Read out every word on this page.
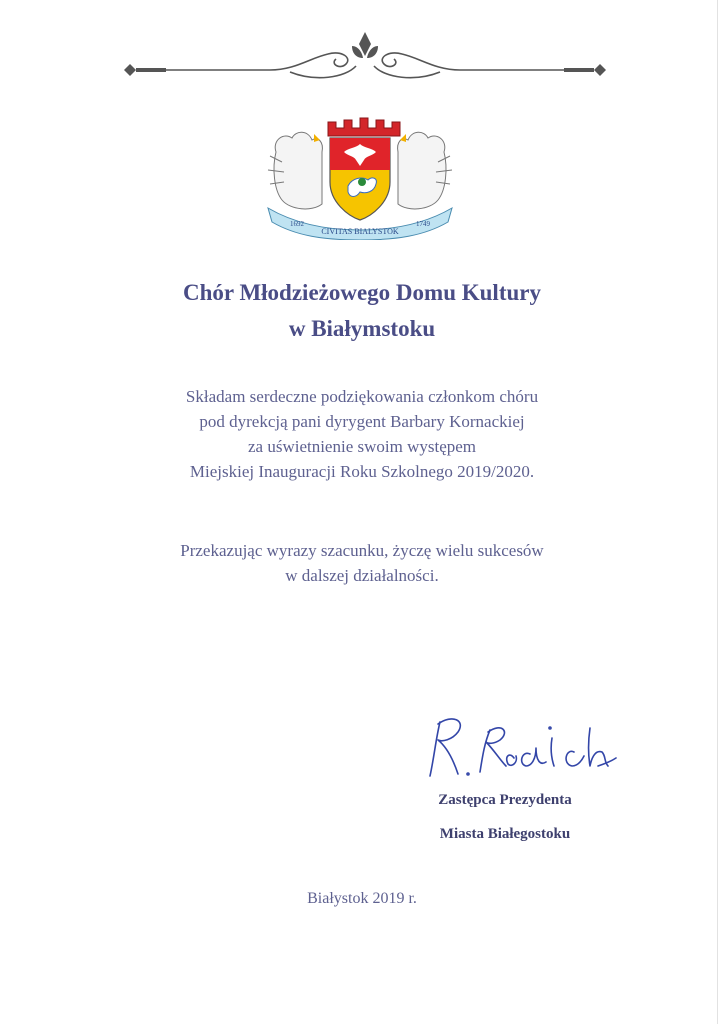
1692	1749
CIVITAS BIALYSTOK
Chór Młodzieżowego Domu Kultury
w Białymstoku
Składam serdeczne podziękowania członkom chóru
pod dyrekcją pani dyrygent Barbary Kornackiej
za uświetnienie swoim występem
Miejskiej Inauguracji Roku Szkolnego 2019/2020.
Przekazując wyrazy szacunku, życzę wielu sukcesów
w dalszej działalności.
Zastępca Prezydenta
Miasta Białegostoku
Białystok 2019 r.
